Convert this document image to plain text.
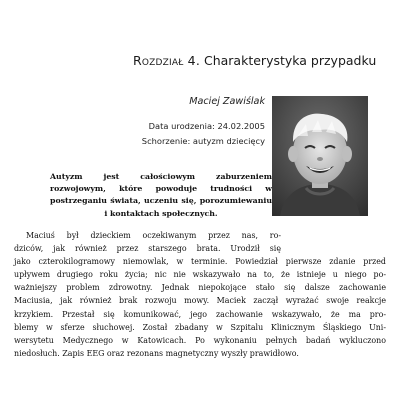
Rozdział 4. Charakterystyka przypadku
Maciej Zawiślak
Data urodzenia: 24.02.2005
Schorzenie: autyzm dziecięcy
Autyzm jest całościowym zaburzeniem rozwojowym, które powoduje trudności w postrzeganiu świata, uczeniu się, porozumiewaniu i kontaktach społecznych.
Maciuś był dzieckiem oczekiwanym przez nas, ro-
dziców, jak również przez starszego brata. Urodził się
jako czterokilogramowy niemowlak, w terminie. Powiedział pierwsze zdanie przed
upływem drugiego roku życia; nic nie wskazywało na to, że istnieje u niego po-
ważniejszy problem zdrowotny. Jednak niepokojące stało się dalsze zachowanie
Maciusia, jak również brak rozwoju mowy. Maciek zaczął wyrażać swoje reakcje
krzykiem. Przestał się komunikować, jego zachowanie wskazywało, że ma pro-
blemy w sferze słuchowej. Został zbadany w Szpitalu Klinicznym Śląskiego Uni-
wersytetu Medycznego w Katowicach. Po wykonaniu pełnych badań wykluczono
niedosłuch. Zapis EEG oraz rezonans magnetyczny wyszły prawidłowo.
